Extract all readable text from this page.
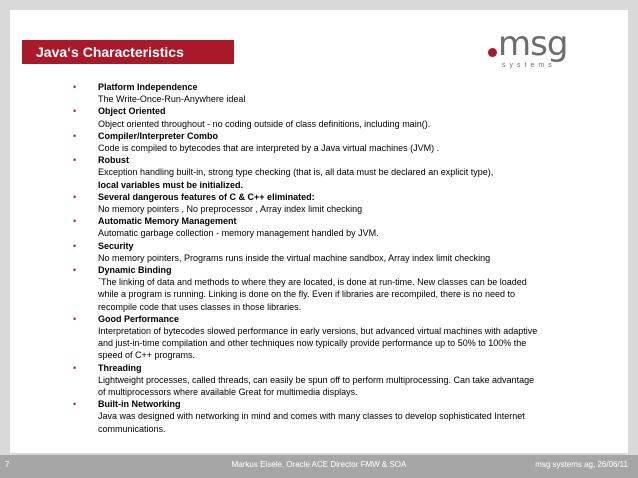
Java‘s Characteristics	msg
systems
• Platform Independence
The Write-Once-Run-Anywhere ideal
• Object Oriented
Object oriented throughout - no coding outside of class definitions, including main().
• Compiler/Interpreter Combo
Code is compiled to bytecodes that are interpreted by a Java virtual machines (JVM) .
• Robust
Exception handling built-in, strong type checking (that is, all data must be declared an explicit type),
local variables must be initialized.
• Several dangerous features of C & C++ eliminated:
No memory pointers , No preprocessor , Array index limit checking
• Automatic Memory Management
Automatic garbage collection - memory management handled by JVM.
• Security
No memory pointers, Programs runs inside the virtual machine sandbox, Array index limit checking
• Dynamic Binding
`The linking of data and methods to where they are located, is done at run-time. New classes can be loaded while a program is running. Linking is done on the fly. Even if libraries are recompiled, there is no need to recompile code that uses classes in those libraries.
• Good Performance
Interpretation of bytecodes slowed performance in early versions, but advanced virtual machines with adaptive and just-in-time compilation and other techniques now typically provide performance up to 50% to 100% the speed of C++ programs.
• Threading
Lightweight processes, called threads, can easily be spun off to perform multiprocessing. Can take advantage of multiprocessors where available Great for multimedia displays.
• Built-in Networking
Java was designed with networking in mind and comes with many classes to develop sophisticated Internet communications.
7	Markus Eisele, Oracle ACE Director FMW & SOA	msg systems ag, 26/06/11
